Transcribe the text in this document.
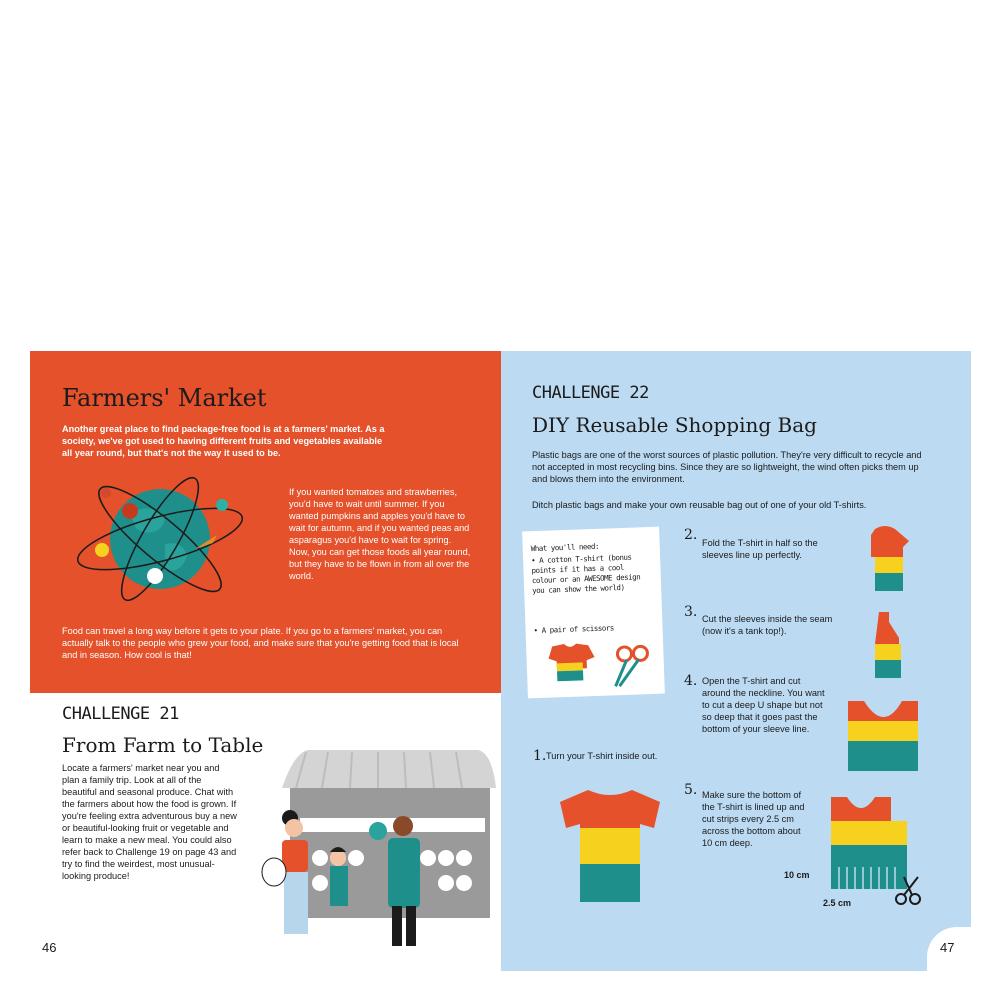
Farmers' Market
Another great place to find package-free food is at a farmers' market. As a society, we've got used to having different fruits and vegetables available all year round, but that's not the way it used to be.
If you wanted tomatoes and strawberries, you'd have to wait until summer. If you wanted pumpkins and apples you'd have to wait for autumn, and if you wanted peas and asparagus you'd have to wait for spring. Now, you can get those foods all year round, but they have to be flown in from all over the world.
Food can travel a long way before it gets to your plate. If you go to a farmers' market, you can actually talk to the people who grew your food, and make sure that you're getting food that is local and in season. How cool is that!
CHALLENGE 21
From Farm to Table
Locate a farmers' market near you and plan a family trip. Look at all of the beautiful and seasonal produce. Chat with the farmers about how the food is grown. If you're feeling extra adventurous buy a new or beautiful-looking fruit or vegetable and learn to make a new meal. You could also refer back to Challenge 19 on page 43 and try to find the weirdest, most unusual-looking produce!
CHALLENGE 22
DIY Reusable Shopping Bag
Plastic bags are one of the worst sources of plastic pollution. They're very difficult to recycle and not accepted in most recycling bins. Since they are so lightweight, the wind often picks them up and blows them into the environment.
Ditch plastic bags and make your own reusable bag out of one of your old T-shirts.
What you'll need:
• A cotton T-shirt (bonus points if it has a cool colour or an AWESOME design you can show the world)
• A pair of scissors
1. Turn your T-shirt inside out.
2. Fold the T-shirt in half so the sleeves line up perfectly.
3. Cut the sleeves inside the seam (now it's a tank top!).
4. Open the T-shirt and cut around the neckline. You want to cut a deep U shape but not so deep that it goes past the bottom of your sleeve line.
5. Make sure the bottom of the T-shirt is lined up and cut strips every 2.5 cm across the bottom about 10 cm deep.
10 cm
2.5 cm
46	47
